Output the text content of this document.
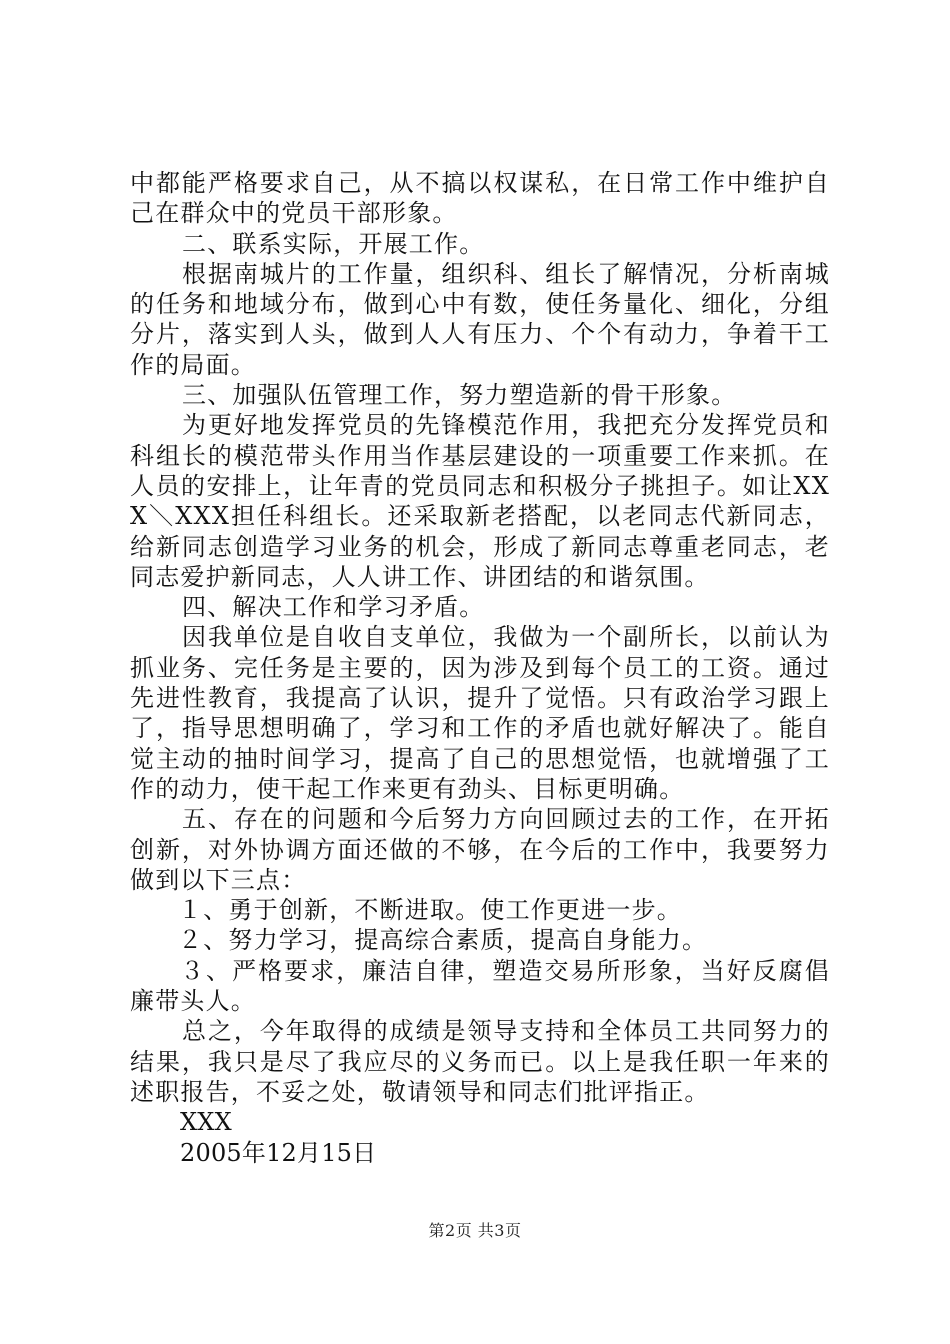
中都能严格要求自己，从不搞以权谋私，在日常工作中维护自己在群众中的党员干部形象。

二、联系实际，开展工作。

根据南城片的工作量，组织科、组长了解情况，分析南城的任务和地域分布，做到心中有数，使任务量化、细化，分组分片，落实到人头，做到人人有压力、个个有动力，争着干工作的局面。

三、加强队伍管理工作，努力塑造新的骨干形象。

为更好地发挥党员的先锋模范作用，我把充分发挥党员和科组长的模范带头作用当作基层建设的一项重要工作来抓。在人员的安排上，让年青的党员同志和积极分子挑担子。如让XXX＼XXX担任科组长。还采取新老搭配，以老同志代新同志，给新同志创造学习业务的机会，形成了新同志尊重老同志，老同志爱护新同志，人人讲工作、讲团结的和谐氛围。

四、解决工作和学习矛盾。

因我单位是自收自支单位，我做为一个副所长，以前认为抓业务、完任务是主要的，因为涉及到每个员工的工资。通过先进性教育，我提高了认识，提升了觉悟。只有政治学习跟上了，指导思想明确了，学习和工作的矛盾也就好解决了。能自觉主动的抽时间学习，提高了自己的思想觉悟，也就增强了工作的动力，使干起工作来更有劲头、目标更明确。

五、存在的问题和今后努力方向回顾过去的工作，在开拓创新，对外协调方面还做的不够，在今后的工作中，我要努力做到以下三点：

１、勇于创新，不断进取。使工作更进一步。

２、努力学习，提高综合素质，提高自身能力。

３、严格要求，廉洁自律，塑造交易所形象，当好反腐倡廉带头人。

总之，今年取得的成绩是领导支持和全体员工共同努力的结果，我只是尽了我应尽的义务而已。以上是我任职一年来的述职报告，不妥之处，敬请领导和同志们批评指正。

XXX

2005年12月15日

第2页 共3页
